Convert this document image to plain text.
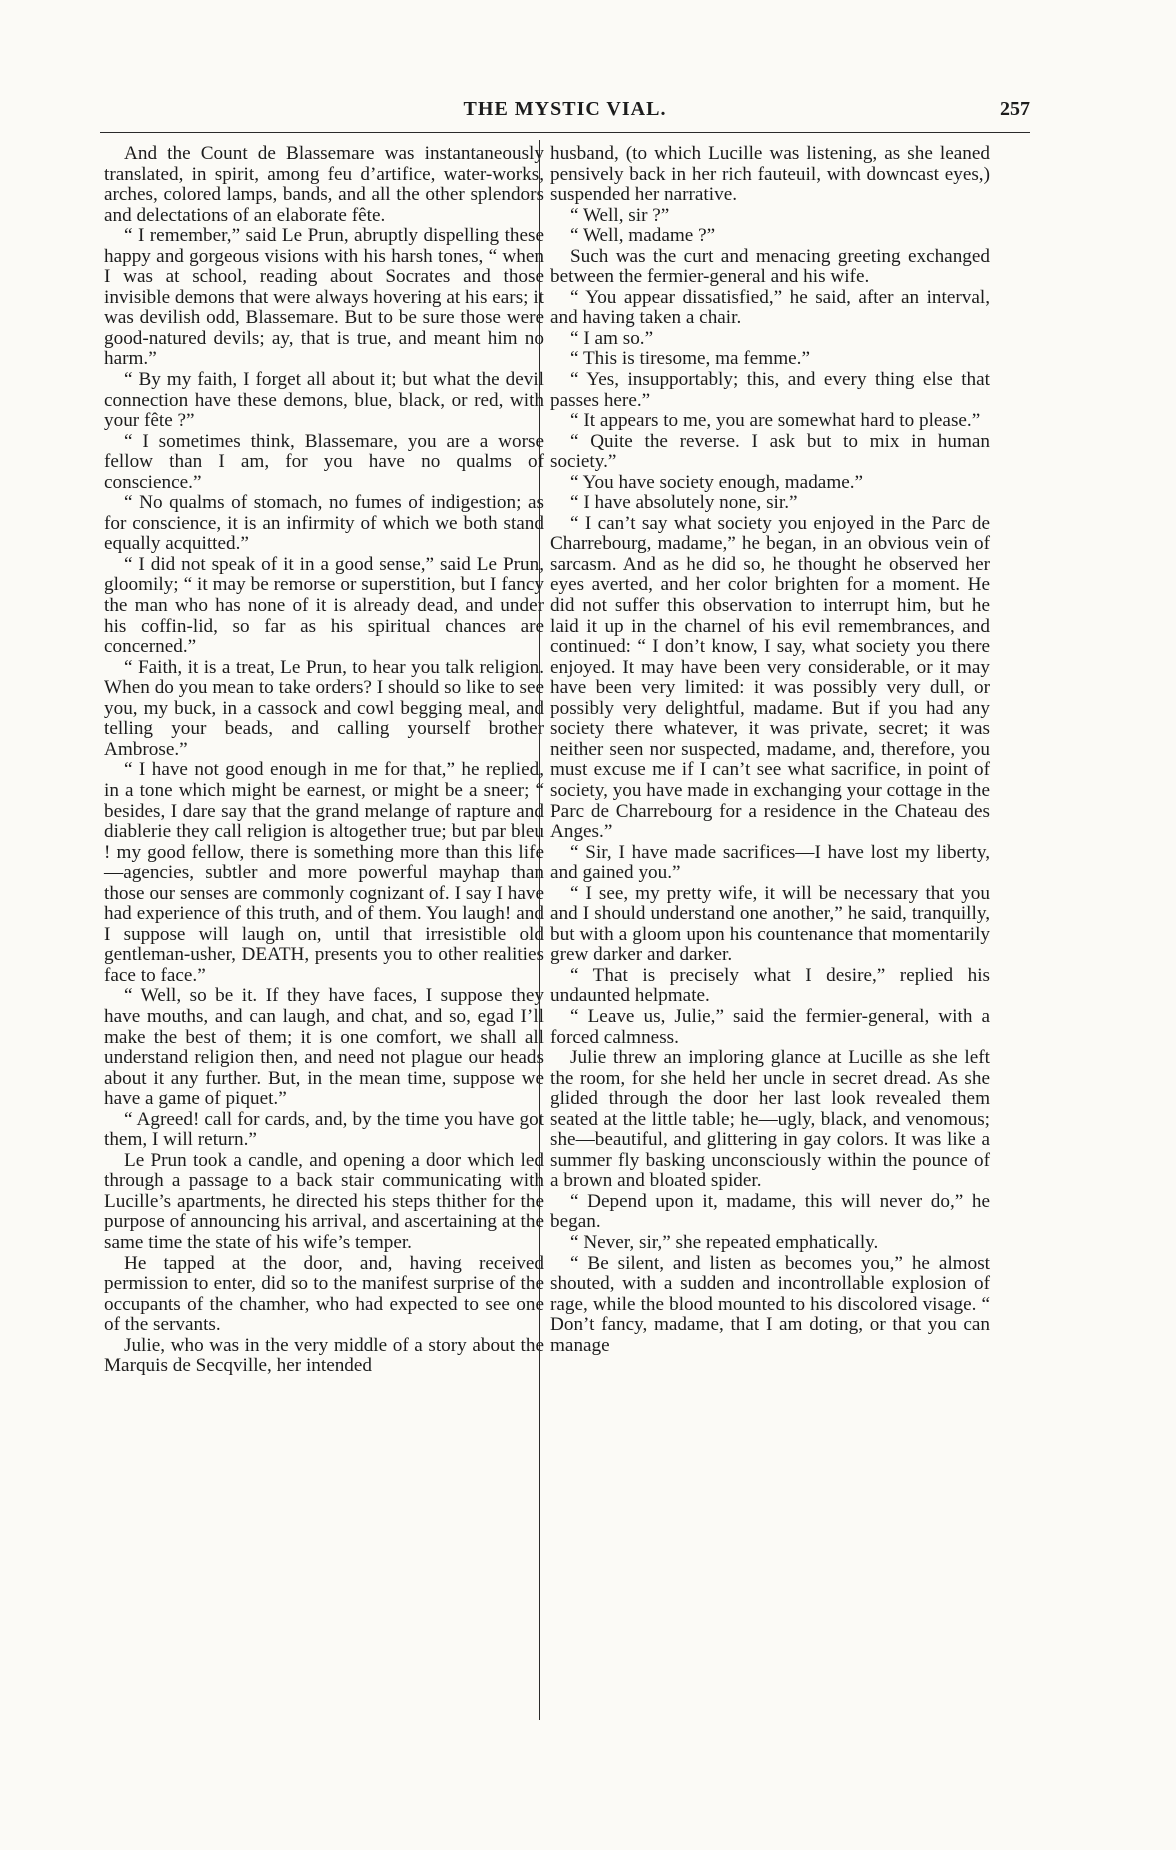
THE MYSTIC VIAL.	257

And the Count de Blassemare was instantaneously translated, in spirit, among feu d’artifice, water-works, arches, colored lamps, bands, and all the other splendors and delectations of an elaborate fête.

“ I remember,” said Le Prun, abruptly dispelling these happy and gorgeous visions with his harsh tones, “ when I was at school, reading about Socrates and those invisible demons that were always hovering at his ears; it was devilish odd, Blassemare. But to be sure those were good-natured devils; ay, that is true, and meant him no harm.”

“ By my faith, I forget all about it; but what the devil connection have these demons, blue, black, or red, with your fête ?”

“ I sometimes think, Blassemare, you are a worse fellow than I am, for you have no qualms of conscience.”

“ No qualms of stomach, no fumes of indigestion; as for conscience, it is an infirmity of which we both stand equally acquitted.”

“ I did not speak of it in a good sense,” said Le Prun, gloomily; “ it may be remorse or superstition, but I fancy the man who has none of it is already dead, and under his coffin-lid, so far as his spiritual chances are concerned.”

“ Faith, it is a treat, Le Prun, to hear you talk religion. When do you mean to take orders? I should so like to see you, my buck, in a cassock and cowl begging meal, and telling your beads, and calling yourself brother Ambrose.”

“ I have not good enough in me for that,” he replied, in a tone which might be earnest, or might be a sneer; “ besides, I dare say that the grand melange of rapture and diablerie they call religion is altogether true; but par bleu ! my good fellow, there is something more than this life—agencies, subtler and more powerful mayhap than those our senses are commonly cognizant of. I say I have had experience of this truth, and of them. You laugh! and I suppose will laugh on, until that irresistible old gentleman-usher, DEATH, presents you to other realities face to face.”

“ Well, so be it. If they have faces, I suppose they have mouths, and can laugh, and chat, and so, egad I’ll make the best of them; it is one comfort, we shall all understand religion then, and need not plague our heads about it any further. But, in the mean time, suppose we have a game of piquet.”

“ Agreed! call for cards, and, by the time you have got them, I will return.”

Le Prun took a candle, and opening a door which led through a passage to a back stair communicating with Lucille’s apartments, he directed his steps thither for the purpose of announcing his arrival, and ascertaining at the same time the state of his wife’s temper.

He tapped at the door, and, having received permission to enter, did so to the manifest surprise of the occupants of the chamher, who had expected to see one of the servants.

Julie, who was in the very middle of a story about the Marquis de Secqville, her intended

husband, (to which Lucille was listening, as she leaned pensively back in her rich fauteuil, with downcast eyes,) suspended her narrative.

“ Well, sir ?”

“ Well, madame ?”

Such was the curt and menacing greeting exchanged between the fermier-general and his wife.

“ You appear dissatisfied,” he said, after an interval, and having taken a chair.

“ I am so.”

“ This is tiresome, ma femme.”

“ Yes, insupportably; this, and every thing else that passes here.”

“ It appears to me, you are somewhat hard to please.”

“ Quite the reverse. I ask but to mix in human society.”

“ You have society enough, madame.”

“ I have absolutely none, sir.”

“ I can’t say what society you enjoyed in the Parc de Charrebourg, madame,” he began, in an obvious vein of sarcasm. And as he did so, he thought he observed her eyes averted, and her color brighten for a moment. He did not suffer this observation to interrupt him, but he laid it up in the charnel of his evil remembrances, and continued: “ I don’t know, I say, what society you there enjoyed. It may have been very considerable, or it may have been very limited: it was possibly very dull, or possibly very delightful, madame. But if you had any society there whatever, it was private, secret; it was neither seen nor suspected, madame, and, therefore, you must excuse me if I can’t see what sacrifice, in point of society, you have made in exchanging your cottage in the Parc de Charrebourg for a residence in the Chateau des Anges.”

“ Sir, I have made sacrifices—I have lost my liberty, and gained you.”

“ I see, my pretty wife, it will be necessary that you and I should understand one another,” he said, tranquilly, but with a gloom upon his countenance that momentarily grew darker and darker.

“ That is precisely what I desire,” replied his undaunted helpmate.

“ Leave us, Julie,” said the fermier-general, with a forced calmness.

Julie threw an imploring glance at Lucille as she left the room, for she held her uncle in secret dread. As she glided through the door her last look revealed them seated at the little table; he—ugly, black, and venomous; she—beautiful, and glittering in gay colors. It was like a summer fly basking unconsciously within the pounce of a brown and bloated spider.

“ Depend upon it, madame, this will never do,” he began.

“ Never, sir,” she repeated emphatically.

“ Be silent, and listen as becomes you,” he almost shouted, with a sudden and incontrollable explosion of rage, while the blood mounted to his discolored visage. “ Don’t fancy, madame, that I am doting, or that you can manage
